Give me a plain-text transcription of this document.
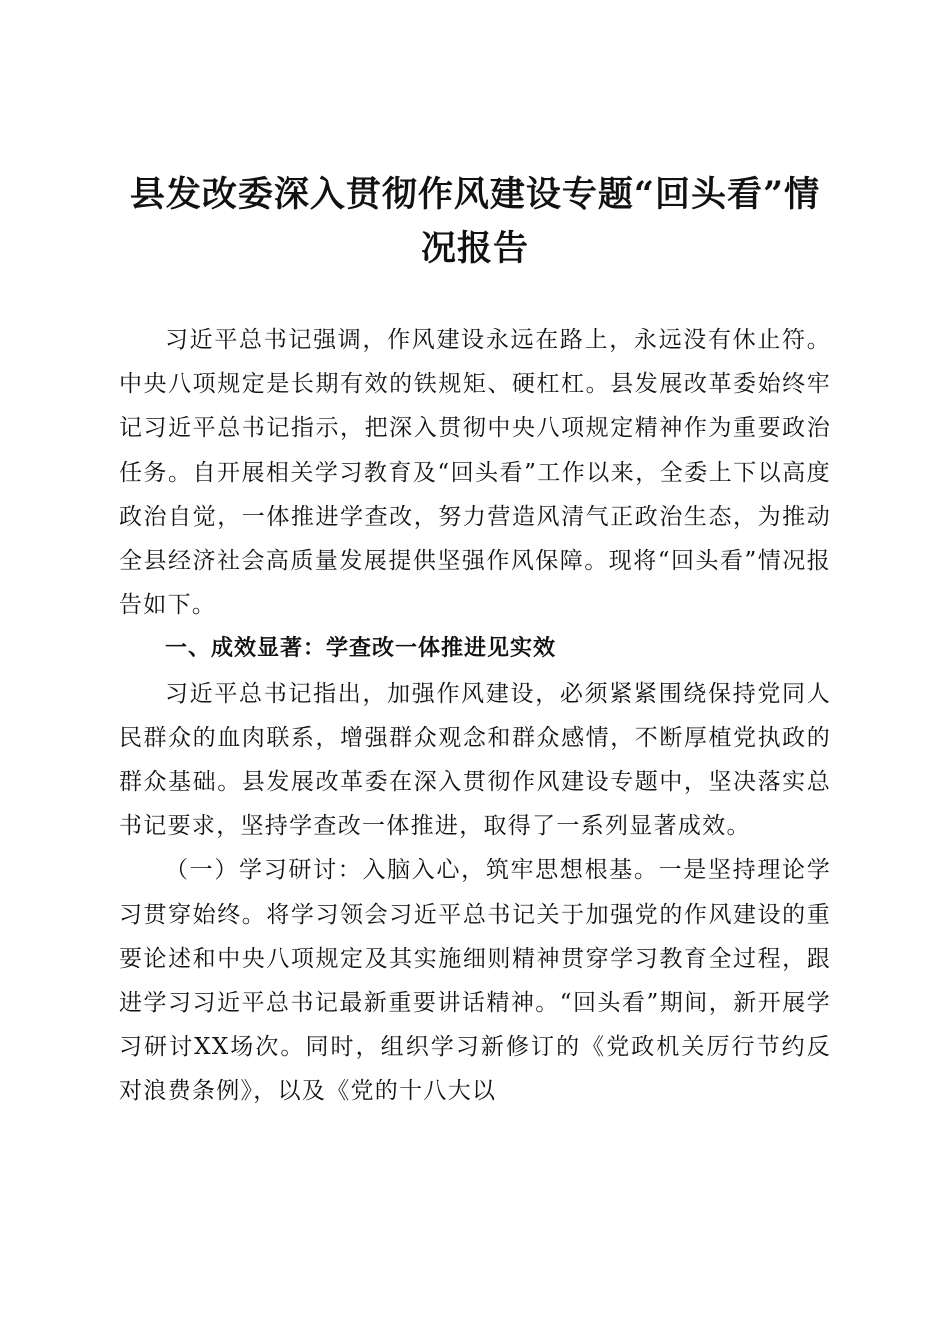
县发改委深入贯彻作风建设专题“回头看”情
况报告

习近平总书记强调，作风建设永远在路上，永远没有休止符。中央八项规定是长期有效的铁规矩、硬杠杠。县发展改革委始终牢记习近平总书记指示，把深入贯彻中央八项规定精神作为重要政治任务。自开展相关学习教育及“回头看”工作以来，全委上下以高度政治自觉，一体推进学查改，努力营造风清气正政治生态，为推动全县经济社会高质量发展提供坚强作风保障。现将“回头看”情况报告如下。

一、成效显著：学查改一体推进见实效

习近平总书记指出，加强作风建设，必须紧紧围绕保持党同人民群众的血肉联系，增强群众观念和群众感情，不断厚植党执政的群众基础。县发展改革委在深入贯彻作风建设专题中，坚决落实总书记要求，坚持学查改一体推进，取得了一系列显著成效。

（一）学习研讨：入脑入心，筑牢思想根基。一是坚持理论学习贯穿始终。将学习领会习近平总书记关于加强党的作风建设的重要论述和中央八项规定及其实施细则精神贯穿学习教育全过程，跟进学习习近平总书记最新重要讲话精神。“回头看”期间，新开展学习研讨XX场次。同时，组织学习新修订的《党政机关厉行节约反对浪费条例》，以及《党的十八大以
